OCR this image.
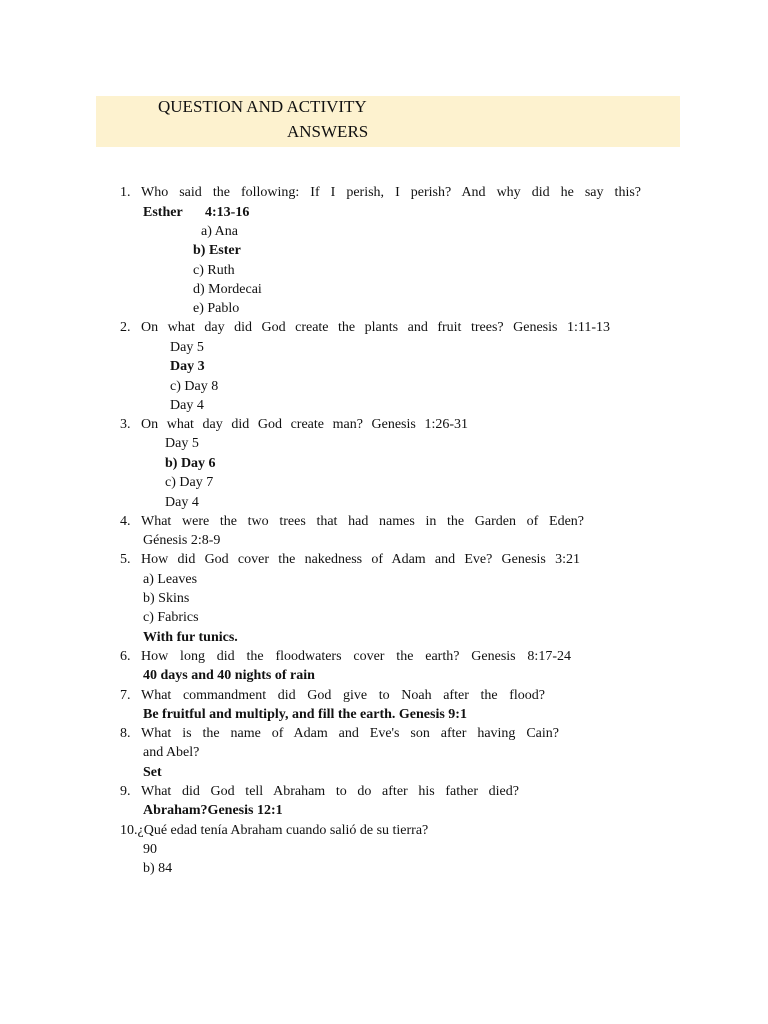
QUESTION AND ACTIVITY
ANSWERS
1. Who said the following: If I perish, I perish? And why did he say this?
Esther 4:13-16
a) Ana
b) Ester
c) Ruth
d) Mordecai
e) Pablo
2. On what day did God create the plants and fruit trees? Genesis 1:11-13
Day 5
Day 3
c) Day 8
Day 4
3. On what day did God create man? Genesis 1:26-31
Day 5
b) Day 6
c) Day 7
Day 4
4. What were the two trees that had names in the Garden of Eden?
Génesis 2:8-9
5. How did God cover the nakedness of Adam and Eve? Genesis 3:21
a) Leaves
b) Skins
c) Fabrics
With fur tunics.
6. How long did the floodwaters cover the earth? Genesis 8:17-24
40 days and 40 nights of rain
7. What commandment did God give to Noah after the flood?
Be fruitful and multiply, and fill the earth. Genesis 9:1
8. What is the name of Adam and Eve's son after having Cain?
and Abel?
Set
9. What did God tell Abraham to do after his father died?
Abraham?Genesis 12:1
10.¿Qué edad tenía Abraham cuando salió de su tierra?
90
b) 84
